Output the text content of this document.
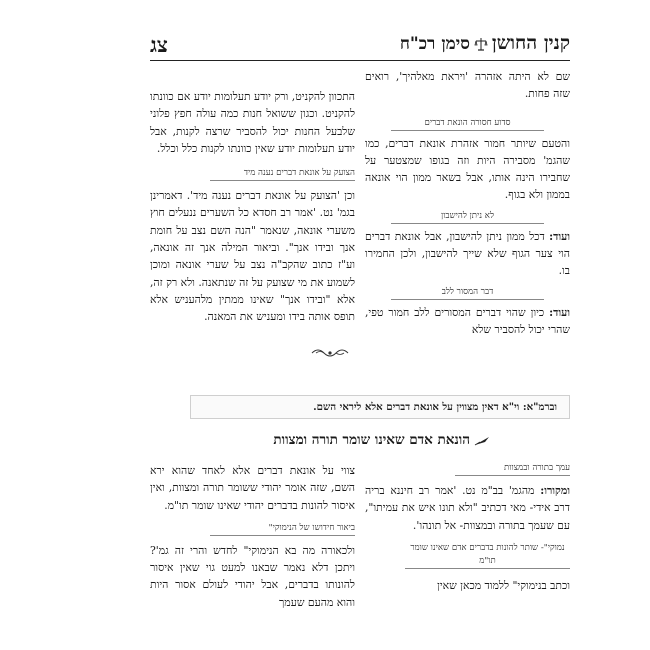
קנין החושןסימן רכ"ח
צג

שם לא היתה אזהרה 'ויראת מאלהיך', רואים שזה פחות.

סדוע חסורה הונאת דברים

והטעם שיותר חמור אזהרת אונאת דברים, כמו שהגמ' מסבירה היות וזה בגופו שמצטער על שחבירו הינה אותו, אבל בשאר ממון הוי אונאה בממון ולא בגוף.

לא ניתן להישבון

ועוד: דכל ממון ניתן להישבון, אבל אונאת דברים הוי צער הגוף שלא שייך להישבון, ולכן החמירו בו.

דבר המסור ללב

ועוד: כיון שהוי דברים המסורים ללב חמור טפי, שהרי יכול להסביר שלא

התכוון להקניט, ורק יודע תעלומות יודע אם כוונתו להקניט. וכגון ששואל חנות כמה עולה חפץ פלוני שלבעל החנות יכול להסביר שרצה לקנות, אבל יודע תעלומות יודע שאין כוונתו לקנות כלל וכלל.

הצועק על אונאת דברים נענה מיד

וכן 'הצועק על אונאת דברים נענה מיד'. דאמרינן בגמ' נט. 'אמר רב חסדא כל השערים ננעלים חוץ משערי אונאה, שנאמר "הנה השם נצב על חומת אנך ובידו אנך". וביאור המילה אנך זה אונאה, וע"ז כתוב שהקב"ה נצב על שערי אונאה ומוכן לשמוע את מי שצועק על זה שנתאנה. ולא רק זה, אלא "ובידו אנך" שאינו ממתין מלהעניש אלא תופס אותה בידו ומעניש את המאנה.

וברמ"א: וי"א דאין מצווין על אונאת דברים אלא ליראי השם.
הונאת אדם שאינו שומר תורה ומצוות
עמך בתורה ובמצוות

ומקורו: מהגמ' בב"מ נט. 'אמר רב חיננא בריה דרב אידי- מאי דכתיב "ולא תונו איש את עמיתו", עם שעמך בתורה ובמצוות- אל תונהו'.

נמוקי"- שותר להונות בדברים אדם שאינו שומר תו"מ

וכתב בנימוקי" ללמוד מכאן שאין

צווי על אונאת דברים אלא לאחד שהוא ירא השם, שזה אומר יהודי ששומר תורה ומצוות, ואין איסור להונות בדברים יהודי שאינו שומר תו"מ.

ביאור חידושו של הנימוקי"

ולכאורה מה בא הנימוקי" לחדש והרי זה גמ'? ויתכן דלא נאמר שבאנו למעט גוי שאין איסור להונותו בדברים, אבל יהודי לעולם אסור היות והוא מהעם שעמך
